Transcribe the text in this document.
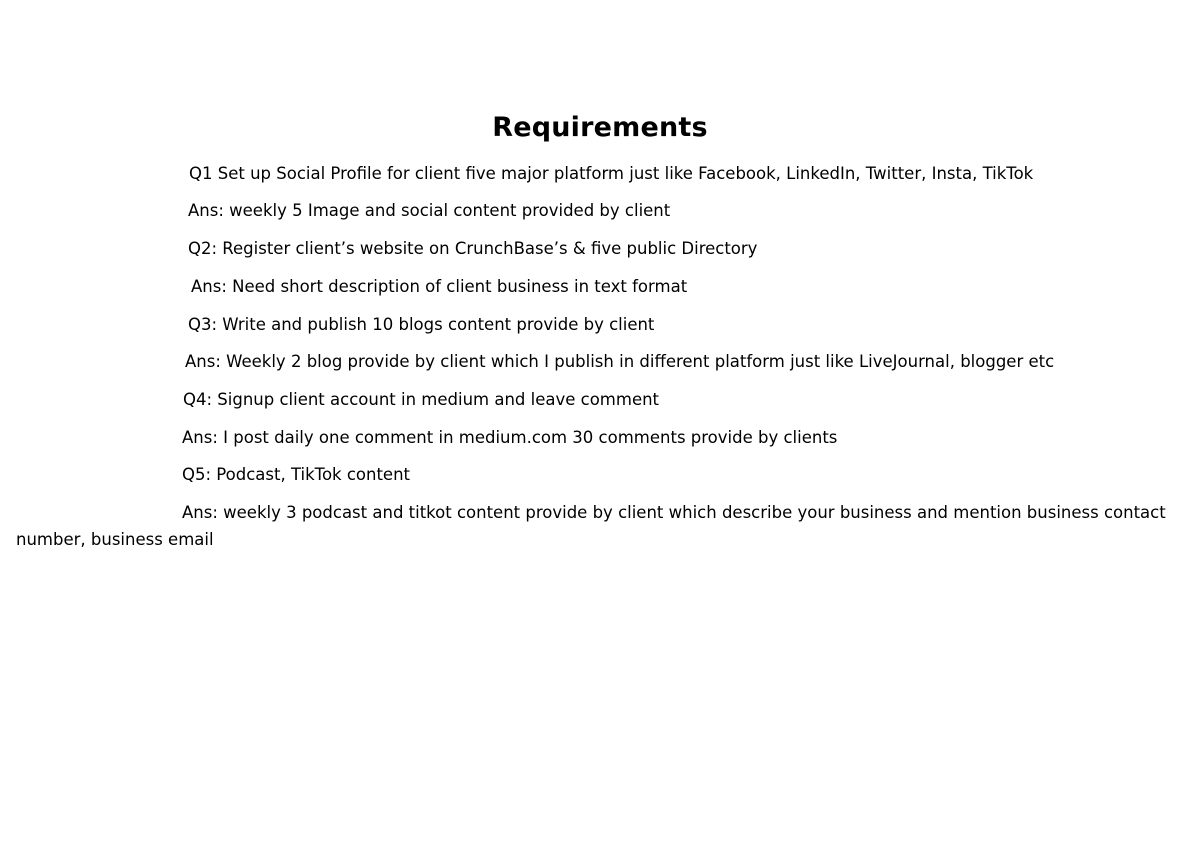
Requirements
Q1 Set up Social Profile for client five major platform just like Facebook, LinkedIn, Twitter, Insta, TikTok
Ans: weekly 5 Image and social content provided by client
Q2: Register client’s website on CrunchBase’s & five public Directory
Ans: Need short description of client business in text format
Q3: Write and publish 10 blogs content provide by client
Ans: Weekly 2 blog provide by client which I publish in different platform just like LiveJournal, blogger etc
Q4: Signup client account in medium and leave comment
Ans: I post daily one comment in medium.com 30 comments provide by clients
Q5: Podcast, TikTok content
Ans: weekly 3 podcast and titkot content provide by client which describe your business and mention business contact
number, business email
